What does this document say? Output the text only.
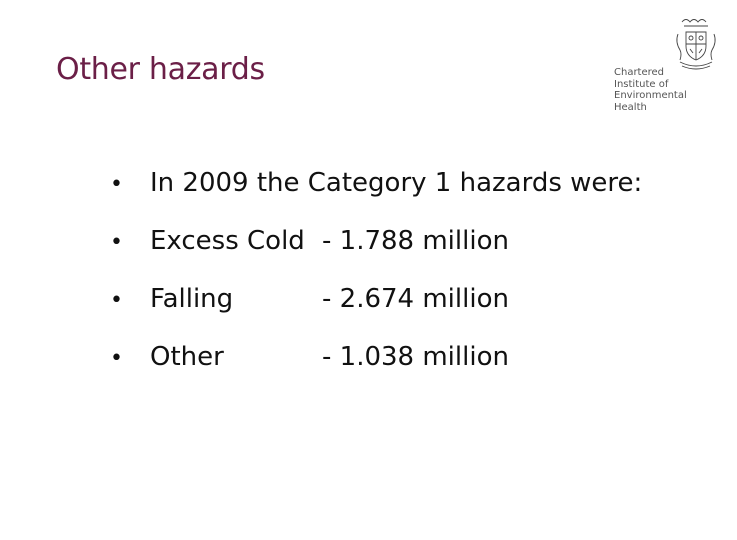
Other hazards	Chartered
Institute of
Environmental
Health
•	In 2009 the Category 1 hazards were:
•	Excess Cold - 1.788 million
•	Falling	- 2.674 million
•	Other	- 1.038 million
